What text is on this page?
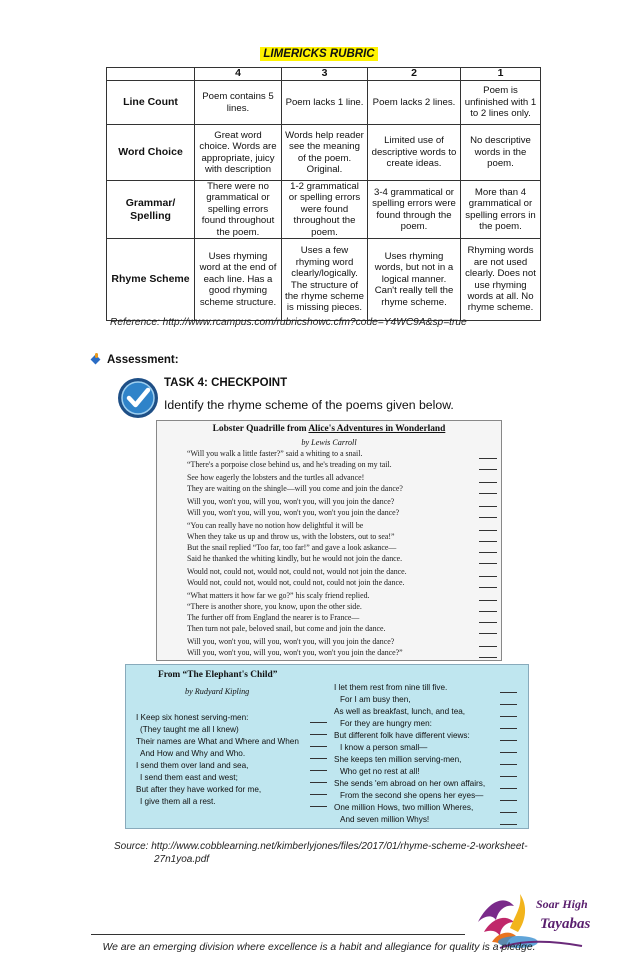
LIMERICKS RUBRIC
	4	3	2	1
Line Count	Poem contains 5 lines.	Poem lacks 1 line.	Poem lacks 2 lines.	Poem is unfinished with 1 to 2 lines only.
Word Choice	Great word choice. Words are appropriate, juicy with description	Words help reader see the meaning of the poem. Original.	Limited use of descriptive words to create ideas.	No descriptive words in the poem.
Grammar/ Spelling	There were no grammatical or spelling errors found throughout the poem.	1-2 grammatical or spelling errors were found throughout the poem.	3-4 grammatical or spelling errors were found through the poem.	More than 4 grammatical or spelling errors in the poem.
Rhyme Scheme	Uses rhyming word at the end of each line. Has a good rhyming scheme structure.	Uses a few rhyming word clearly/logically. The structure of the rhyme scheme is missing pieces.	Uses rhyming words, but not in a logical manner. Can't really tell the rhyme scheme.	Rhyming words are not used clearly. Does not use rhyming words at all. No rhyme scheme.
Reference: http://www.rcampus.com/rubricshowc.cfm?code=Y4WC9A&sp=true
Assessment:
TASK 4: CHECKPOINT
Identify the rhyme scheme of the poems given below.
Lobster Quadrille from Alice's Adventures in Wonderland
by Lewis Carroll
“Will you walk a little faster?” said a whiting to a snail.
“There's a porpoise close behind us, and he's treading on my tail.
See how eagerly the lobsters and the turtles all advance!
They are waiting on the shingle—will you come and join the dance?
Will you, won't you, will you, won't you, will you join the dance?
Will you, won't you, will you, won't you, won't you join the dance?
“You can really have no notion how delightful it will be
When they take us up and throw us, with the lobsters, out to sea!”
But the snail replied “Too far, too far!” and gave a look askance—
Said he thanked the whiting kindly, but he would not join the dance.
Would not, could not, would not, could not, would not join the dance.
Would not, could not, would not, could not, could not join the dance.
“What matters it how far we go?” his scaly friend replied.
“There is another shore, you know, upon the other side.
The further off from England the nearer is to France—
Then turn not pale, beloved snail, but come and join the dance.
Will you, won't you, will you, won't you, will you join the dance?
Will you, won't you, will you, won't you, won't you join the dance?”
From “The Elephant's Child”
by Rudyard Kipling
I Keep six honest serving-men:
(They taught me all I knew)
Their names are What and Where and When
And How and Why and Who.
I send them over land and sea,
I send them east and west;
But after they have worked for me,
I give them all a rest.
I let them rest from nine till five.
For I am busy then,
As well as breakfast, lunch, and tea,
For they are hungry men:
But different folk have different views:
I know a person small—
She keeps ten million serving-men,
Who get no rest at all!
She sends 'em abroad on her own affairs,
From the second she opens her eyes—
One million Hows, two million Wheres,
And seven million Whys!
Source: http://www.cobblearning.net/kimberlyjones/files/2017/01/rhyme-scheme-2-worksheet-
27n1yoa.pdf
Soar High
Tayabas
We are an emerging division where excellence is a habit and allegiance for quality is a pledge.
